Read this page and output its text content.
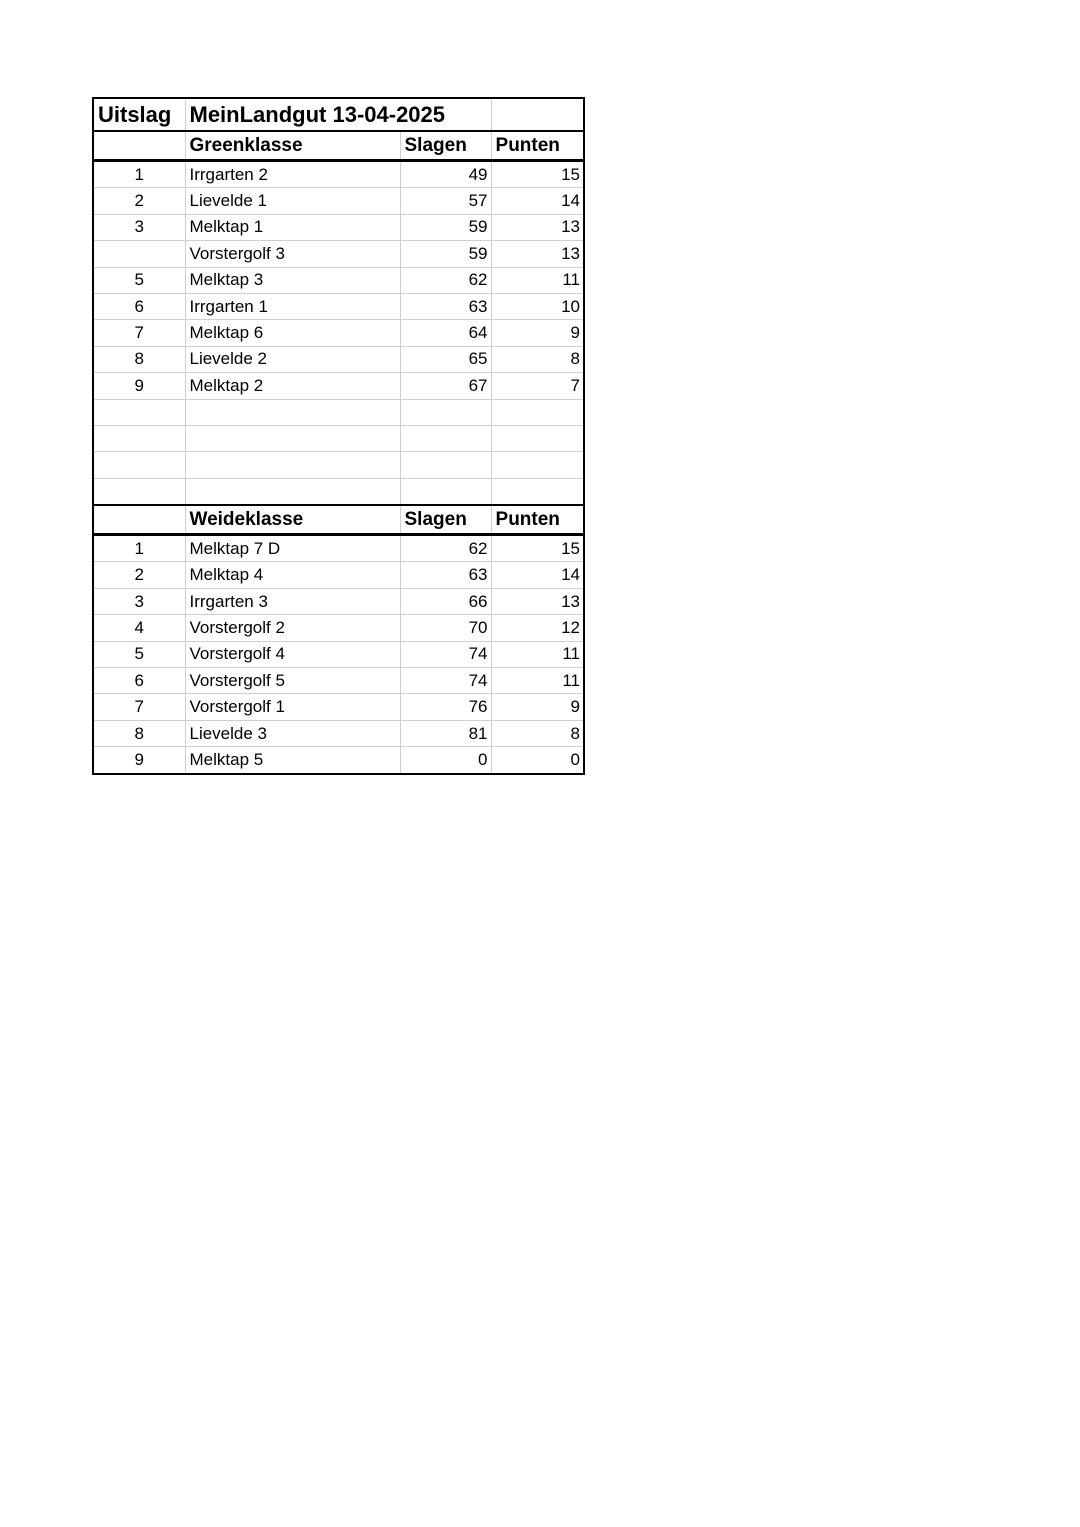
Uitslag	MeinLandgut 13-04-2025		
	Greenklasse	Slagen	Punten
1	Irrgarten 2	49	15
2	Lievelde 1	57	14
3	Melktap 1	59	13
	Vorstergolf 3	59	13
5	Melktap 3	62	11
6	Irrgarten 1	63	10
7	Melktap 6	64	9
8	Lievelde 2	65	8
9	Melktap 2	67	7

	Weideklasse	Slagen	Punten
1	Melktap 7 D	62	15
2	Melktap 4	63	14
3	Irrgarten 3	66	13
4	Vorstergolf 2	70	12
5	Vorstergolf 4	74	11
6	Vorstergolf 5	74	11
7	Vorstergolf 1	76	9
8	Lievelde 3	81	8
9	Melktap 5	0	0
